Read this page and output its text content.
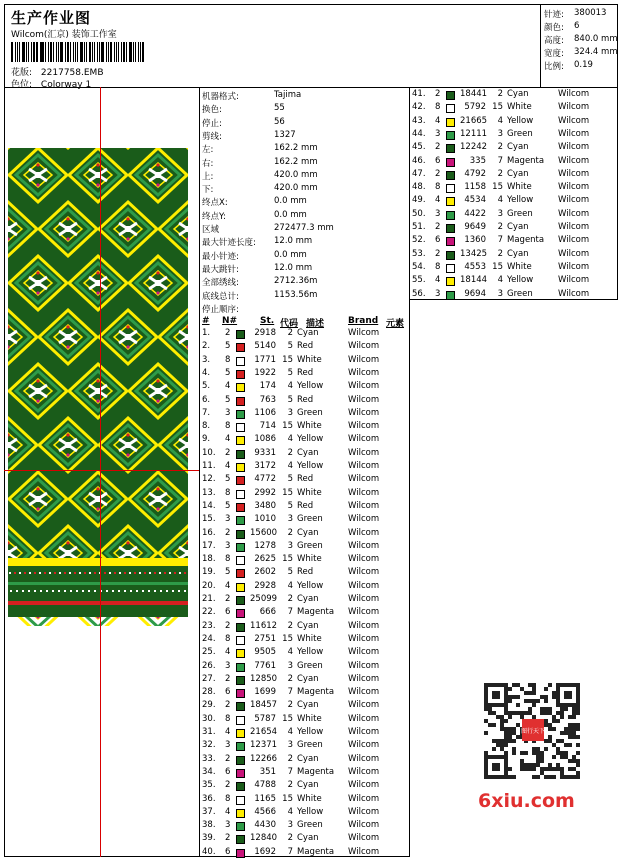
生产作业图
Wilcom(汇京) 装饰工作室
花版: 2217758.EMB
色位: Colorway 1
针迹: 380013
颜色: 6
高度: 840.0 mm
宽度: 324.4 mm
比例: 0.19
机器格式:	Tajima
换色:	55
停止:	56
剪线:	1327
左:	162.2 mm
右:	162.2 mm
上:	420.0 mm
下:	420.0 mm
终点X:	0.0 mm
终点Y:	0.0 mm
区域	272477.3 mm
最大针迹长度: 12.0 mm
最小针迹:	0.0 mm
最大跳针:	12.0 mm
全部绣线:	2712.36m
底线总计:	1153.56m
停止顺序:
# N#	St. 代码 描述	Brand 元素
1. 2	2918	2 Cyan	Wilcom
2. 5	5140	5 Red	Wilcom
3. 8	1771 15 White	Wilcom
4. 5	1922	5 Red	Wilcom
5. 4	174	4 Yellow	Wilcom
6. 5	763	5 Red	Wilcom
7. 3	1106	3 Green	Wilcom
8. 8	714 15 White	Wilcom
9. 4	1086	4 Yellow	Wilcom
10. 2	9331	2 Cyan	Wilcom
11. 4	3172	4 Yellow	Wilcom
12. 5	4772	5 Red	Wilcom
13. 8	2992 15 White	Wilcom
14. 5	3480	5 Red	Wilcom
15. 3	1010	3 Green	Wilcom
16. 2 15600	2 Cyan	Wilcom
17. 3	1278	3 Green	Wilcom
18. 8	2625 15 White	Wilcom
19. 5	2602	5 Red	Wilcom
20. 4	2928	4 Yellow	Wilcom
21. 2 25099	2 Cyan	Wilcom
22. 6	666	7 Magenta Wilcom
23. 2 11612	2 Cyan	Wilcom
24. 8	2751 15 White	Wilcom
25. 4	9505	4 Yellow	Wilcom
26. 3	7761	3 Green	Wilcom
27. 2 12850	2 Cyan	Wilcom
28. 6	1699	7 Magenta Wilcom
29. 2 18457	2 Cyan	Wilcom
30. 8	5787 15 White	Wilcom
31. 4 21654	4 Yellow	Wilcom
32. 3 12371	3 Green	Wilcom
33. 2 12266	2 Cyan	Wilcom
34. 6	351	7 Magenta Wilcom
35. 2	4788	2 Cyan	Wilcom
36. 8	1165 15 White	Wilcom
37. 4	4566	4 Yellow	Wilcom
38. 3	4430	3 Green	Wilcom
39. 2 12840	2 Cyan	Wilcom
40. 6	1692	7 Magenta Wilcom
41. 2 18441	2 Cyan	Wilcom
42. 8	5792 15 White	Wilcom
43. 4 21665	4 Yellow	Wilcom
44. 3 12111	3 Green	Wilcom
45. 2 12242	2 Cyan	Wilcom
46. 6	335	7 Magenta Wilcom
47. 2	4792	2 Cyan	Wilcom
48. 8	1158 15 White	Wilcom
49. 4	4534	4 Yellow	Wilcom
50. 3	4422	3 Green	Wilcom
51. 2	9649	2 Cyan	Wilcom
52. 6	1360	7 Magenta Wilcom
53. 2 13425	2 Cyan	Wilcom
54. 8	4553 15 White	Wilcom
55. 4 18144	4 Yellow	Wilcom
56. 3	9694	3 Green	Wilcom
图行天下
6xiu.com
